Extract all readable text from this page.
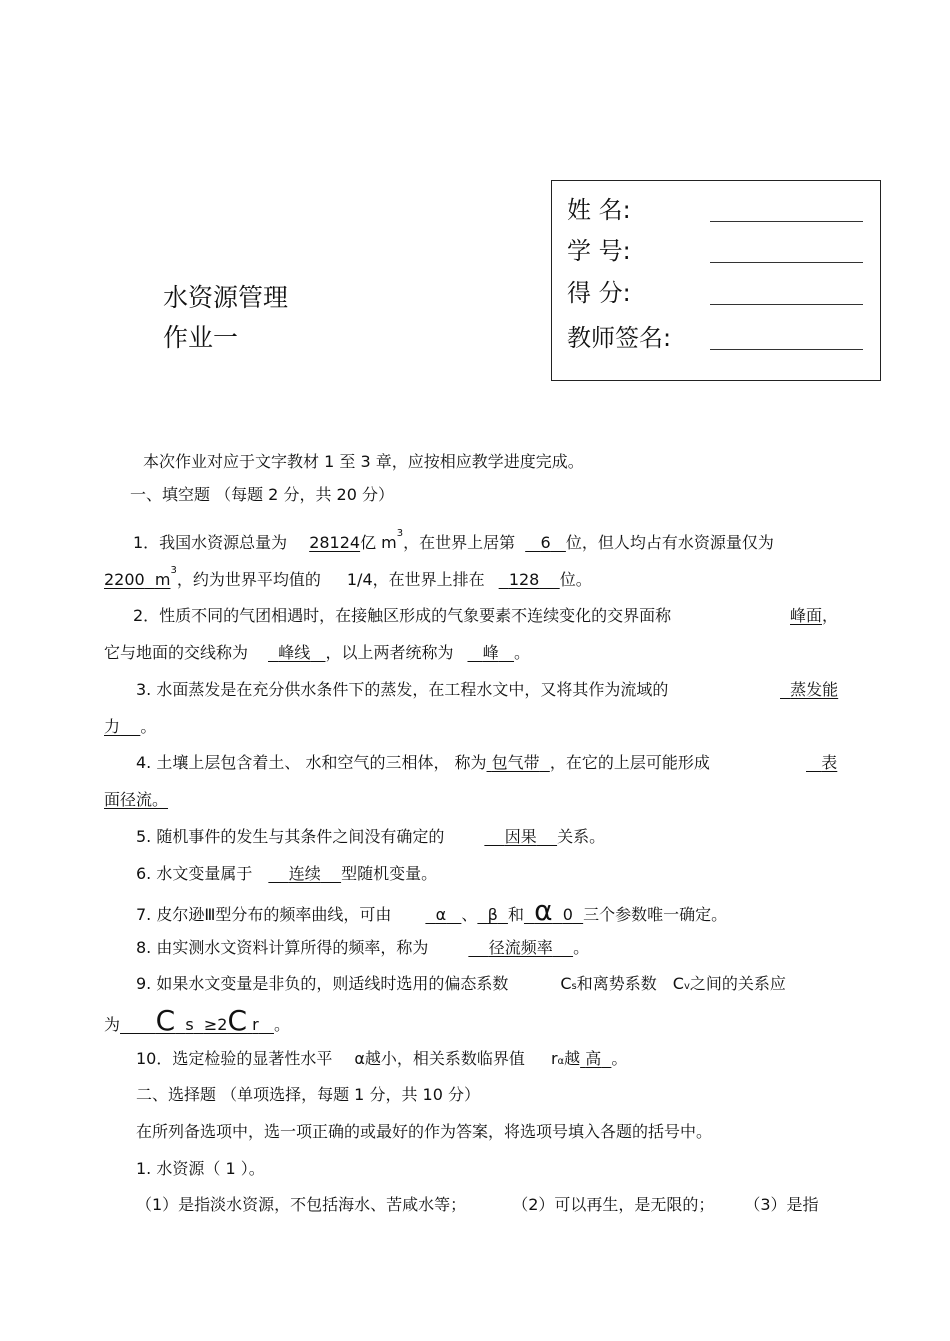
水资源管理
作业一
姓 名:
学 号:
得 分:
教师签名:
本次作业对应于文字教材 1 至 3 章，应按相应教学进度完成。
一、填空题 （每题 2 分，共 20 分）
1．我国水资源总量为 28124亿 $m^3$，在世界上居第 6 位，但人均占有水资源量仅为
2200 $m^3$，约为世界平均值的 1/4，在世界上排在 128 位。
2．性质不同的气团相遇时，在接触区形成的气象要素不连续变化的交界面称	峰面，
它与地面的交线称为 峰线 ，以上两者统称为 峰 。
3. 水面蒸发是在充分供水条件下的蒸发，在工程水文中，又将其作为流域的	蒸发能
力 。
4. 土壤上层包含着土、 水和空气的三相体， 称为 包气带 ，在它的上层可能形成	表
面径流。
5. 随机事件的发生与其条件之间没有确定的	因果 关系。
6. 水文变量属于 连续 型随机变量。
7. 皮尔逊Ⅲ型分布的频率曲线，可由	α 、 β 和 α 0 三个参数唯一确定。
8. 由实测水文资料计算所得的频率，称为	径流频率 。
9. 如果水文变量是非负的，则适线时选用的偏态系数	Cs和离势系数 Cv之间的关系应
为 C s ≥2C r 。
10．选定检验的显著性水平 α越小，相关系数临界值 rα越 高 。
二、选择题 （单项选择，每题 1 分，共 10 分）
在所列备选项中，选一项正确的或最好的作为答案，将选项号填入各题的括号中。
1. 水资源（ 1 ）。
（1）是指淡水资源，不包括海水、苦咸水等；	（2）可以再生，是无限的； （3）是指
